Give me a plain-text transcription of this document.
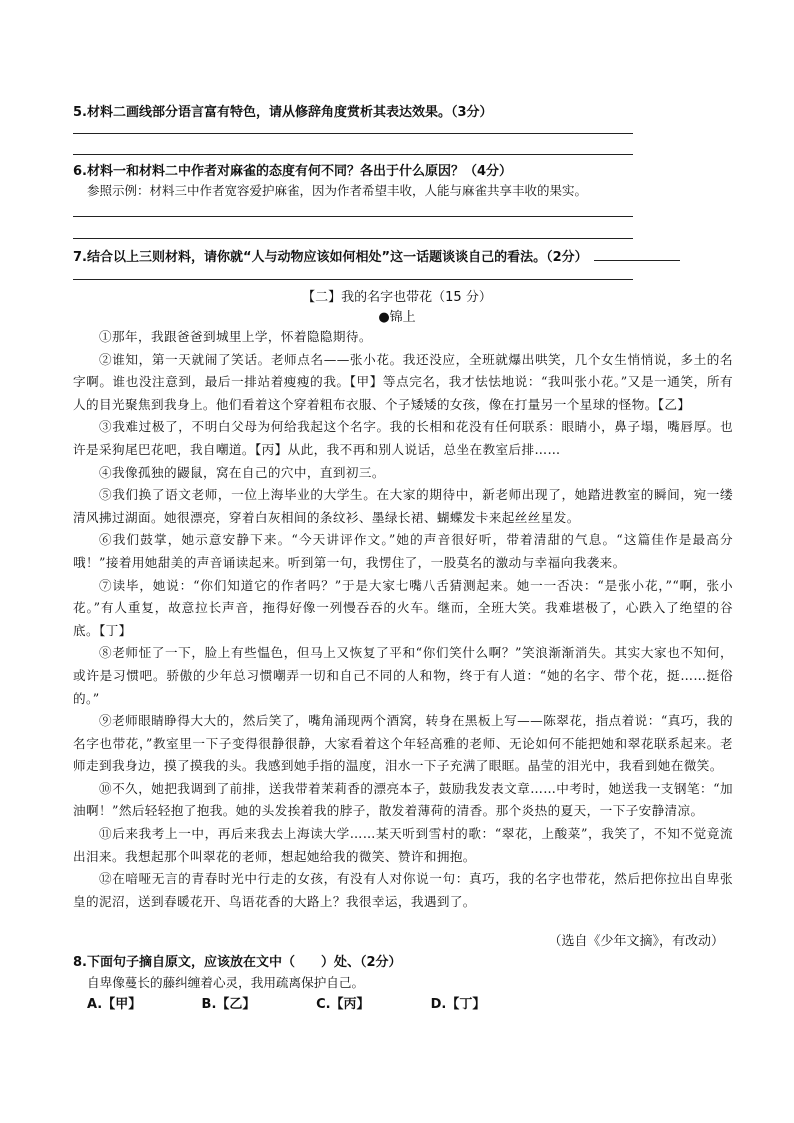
5.材料二画线部分语言富有特色，请从修辞角度赏析其表达效果。（3分）
6.材料一和材料二中作者对麻雀的态度有何不同？各出于什么原因？（4分）
参照示例：材料三中作者宽容爱护麻雀，因为作者希望丰收，人能与麻雀共享丰收的果实。
7.结合以上三则材料，请你就“人与动物应该如何相处”这一话题谈谈自己的看法。（2分）
【二】我的名字也带花（15 分）
●锦上

①那年，我跟爸爸到城里上学，怀着隐隐期待。

②谁知，第一天就闹了笑话。老师点名——张小花。我还没应，全班就爆出哄笑，几个女生悄悄说，多土的名字啊。谁也没注意到，最后一排站着瘦瘦的我。【甲】等点完名，我才怯怯地说：“我叫张小花。”又是一通笑，所有人的目光聚焦到我身上。他们看着这个穿着粗布衣服、个子矮矮的女孩，像在打量另一个星球的怪物。【乙】

③我难过极了，不明白父母为何给我起这个名字。我的长相和花没有任何联系：眼睛小，鼻子塌，嘴唇厚。也许是采狗尾巴花吧，我自嘲道。【丙】从此，我不再和别人说话，总坐在教室后排……

④我像孤独的鼹鼠，窝在自己的穴中，直到初三。

⑤我们换了语文老师，一位上海毕业的大学生。在大家的期待中，新老师出现了，她踏进教室的瞬间，宛一缕清风拂过湖面。她很漂亮，穿着白灰相间的条纹衫、墨绿长裙、蝴蝶发卡来起丝丝星发。

⑥我们鼓掌，她示意安静下来。“今天讲评作文。”她的声音很好听，带着清甜的气息。“这篇佳作是最高分哦！”接着用她甜美的声音诵读起来。听到第一句，我愣住了，一股莫名的激动与幸福向我袭来。

⑦读毕，她说：“你们知道它的作者吗？”于是大家七嘴八舌猜测起来。她一一否决：“是张小花，”“啊，张小花。”有人重复，故意拉长声音，拖得好像一列慢吞吞的火车。继而，全班大笑。我难堪极了，心跌入了绝望的谷底。【丁】

⑧老师怔了一下，脸上有些愠色，但马上又恢复了平和“你们笑什么啊？”笑浪渐渐消失。其实大家也不知何，或许是习惯吧。骄傲的少年总习惯嘲弄一切和自己不同的人和物，终于有人道：“她的名字、带个花，挺……挺俗的。”

⑨老师眼睛睁得大大的，然后笑了，嘴角涌现两个酒窝，转身在黑板上写——陈翠花，指点着说：“真巧，我的名字也带花，”教室里一下子变得很静很静，大家看着这个年轻高雅的老师、无论如何不能把她和翠花联系起来。老师走到我身边，摸了摸我的头。我感到她手指的温度，泪水一下子充满了眼眶。晶莹的泪光中，我看到她在微笑。

⑩不久，她把我调到了前排，送我带着茉莉香的漂亮本子，鼓励我发表文章……中考时，她送我一支钢笔：“加油啊！”然后轻轻抱了抱我。她的头发挨着我的脖子，散发着薄荷的清香。那个炎热的夏天，一下子安静清凉。

⑪后来我考上一中，再后来我去上海读大学……某天听到雪村的歌：“翠花，上酸菜”，我笑了，不知不觉竟流出泪来。我想起那个叫翠花的老师，想起她给我的微笑、赞许和拥抱。

⑫在喑哑无言的青春时光中行走的女孩，有没有人对你说一句：真巧，我的名字也带花，然后把你拉出自卑张皇的泥沼，送到春暖花开、鸟语花香的大路上？我很幸运，我遇到了。

（选自《少年文摘》，有改动）
8.下面句子摘自原文，应该放在文中（　　）处、（2分）
自卑像蔓长的藤纠缠着心灵，我用疏离保护自己。
A.【甲】	B.【乙】	C.【丙】	D.【丁】
